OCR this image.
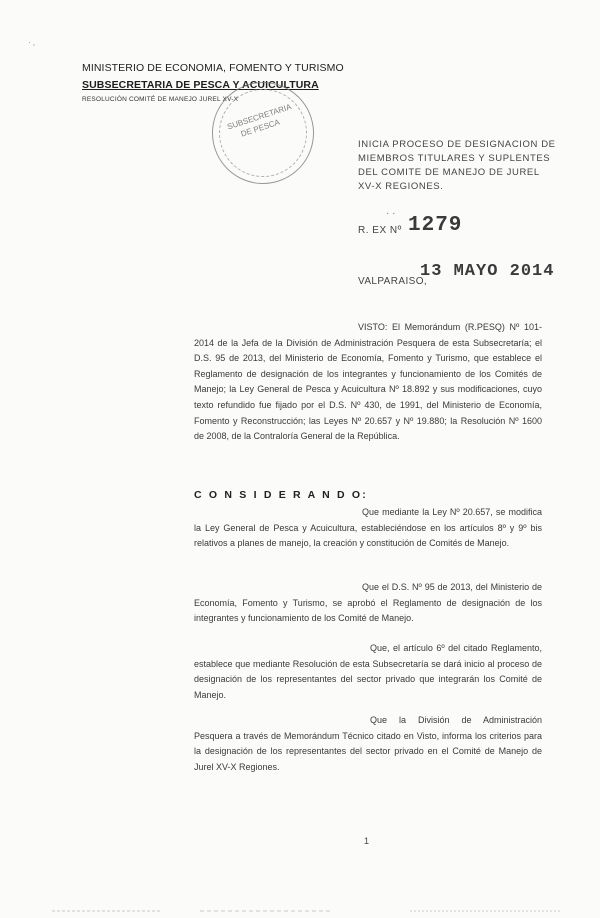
· ,
MINISTERIO DE ECONOMIA, FOMENTO Y TURISMO
SUBSECRETARIA DE PESCA Y ACUICULTURA
RESOLUCIÓN COMITÉ DE MANEJO JUREL XV-X
SUBSECRETARIA DE PESCA
INICIA PROCESO DE DESIGNACION DE MIEMBROS TITULARES Y SUPLENTES DEL COMITE DE MANEJO DE JUREL XV-X REGIONES.
· ·
R. EX Nº 1279
VALPARAISO,
13 MAYO 2014
VISTO: El Memorándum (R.PESQ) Nº 101-2014 de la Jefa de la División de Administración Pesquera de esta Subsecretaría; el D.S. 95 de 2013, del Ministerio de Economía, Fomento y Turismo, que establece el Reglamento de designación de los integrantes y funcionamiento de los Comités de Manejo; la Ley General de Pesca y Acuicultura Nº 18.892 y sus modificaciones, cuyo texto refundido fue fijado por el D.S. Nº 430, de 1991, del Ministerio de Economía, Fomento y Reconstrucción; las Leyes Nº 20.657 y Nº 19.880; la Resolución Nº 1600 de 2008, de la Contraloría General de la República.
C O N S I D E R A N D O:
Que mediante la Ley Nº 20.657, se modifica la Ley General de Pesca y Acuicultura, estableciéndose en los artículos 8º y 9º bis relativos a planes de manejo, la creación y constitución de Comités de Manejo.
Que el D.S. Nº 95 de 2013, del Ministerio de Economía, Fomento y Turismo, se aprobó el Reglamento de designación de los integrantes y funcionamiento de los Comité de Manejo.
Que, el artículo 6º del citado Reglamento, establece que mediante Resolución de esta Subsecretaría se dará inicio al proceso de designación de los representantes del sector privado que integrarán los Comité de Manejo.
Que la División de Administración Pesquera a través de Memorándum Técnico citado en Visto, informa los criterios para la designación de los representantes del sector privado en el Comité de Manejo de Jurel XV-X Regiones.
1
